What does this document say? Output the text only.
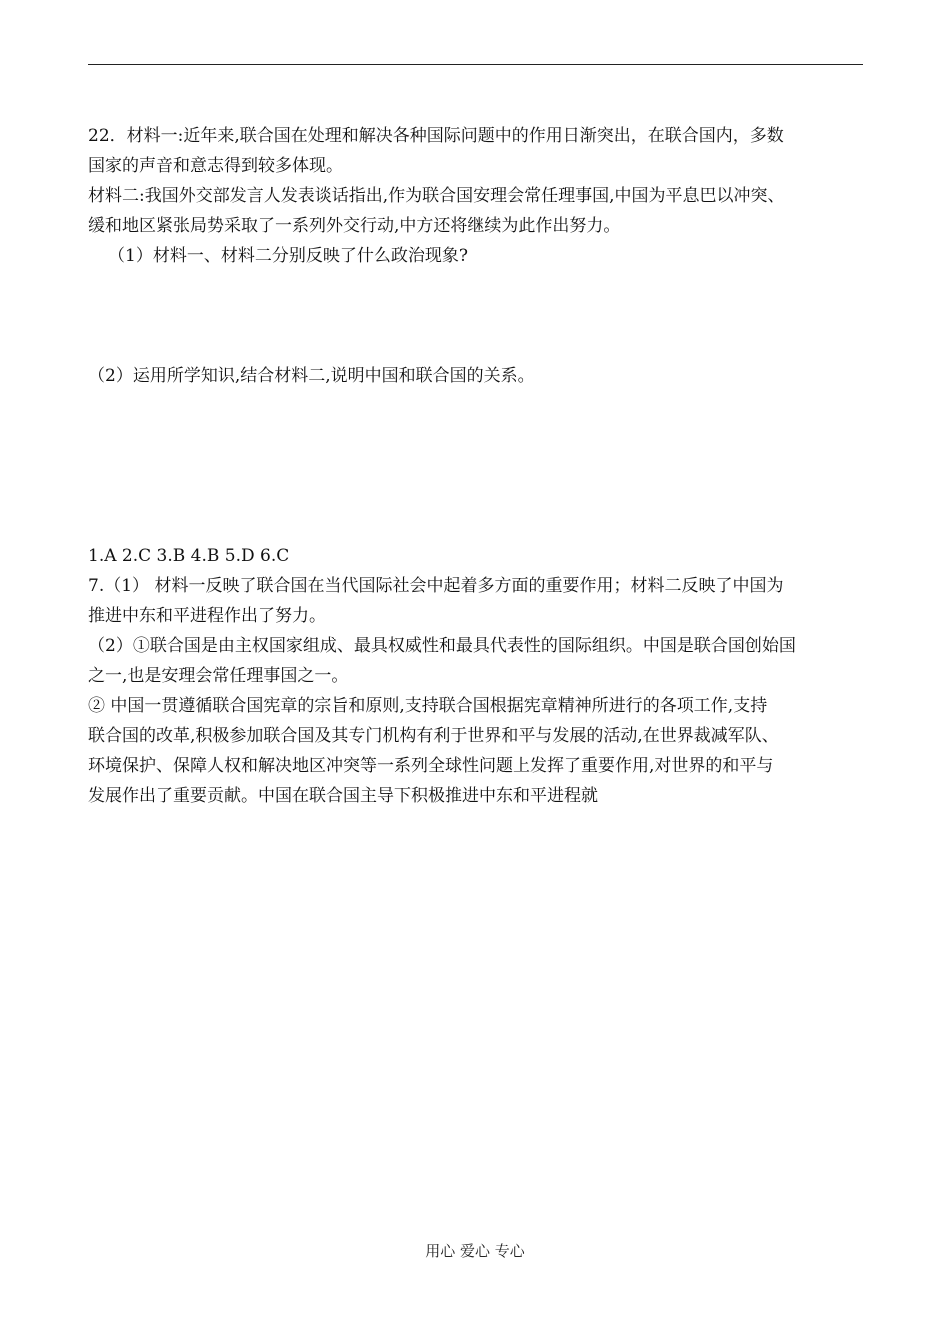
22．材料一:近年来,联合国在处理和解决各种国际问题中的作用日渐突出，在联合国内，多数
国家的声音和意志得到较多体现。
材料二:我国外交部发言人发表谈话指出,作为联合国安理会常任理事国,中国为平息巴以冲突、
缓和地区紧张局势采取了一系列外交行动,中方还将继续为此作出努力。
（1）材料一、材料二分别反映了什么政治现象?
（2）运用所学知识,结合材料二,说明中国和联合国的关系。
1.A 2.C 3.B 4.B 5.D 6.C
7.（1） 材料一反映了联合国在当代国际社会中起着多方面的重要作用；材料二反映了中国为
推进中东和平进程作出了努力。
（2）①联合国是由主权国家组成、最具权威性和最具代表性的国际组织。中国是联合国创始国
之一,也是安理会常任理事国之一。
② 中国一贯遵循联合国宪章的宗旨和原则,支持联合国根据宪章精神所进行的各项工作,支持
联合国的改革,积极参加联合国及其专门机构有利于世界和平与发展的活动,在世界裁减军队、
环境保护、保障人权和解决地区冲突等一系列全球性问题上发挥了重要作用,对世界的和平与
发展作出了重要贡献。中国在联合国主导下积极推进中东和平进程就
用心 爱心 专心
